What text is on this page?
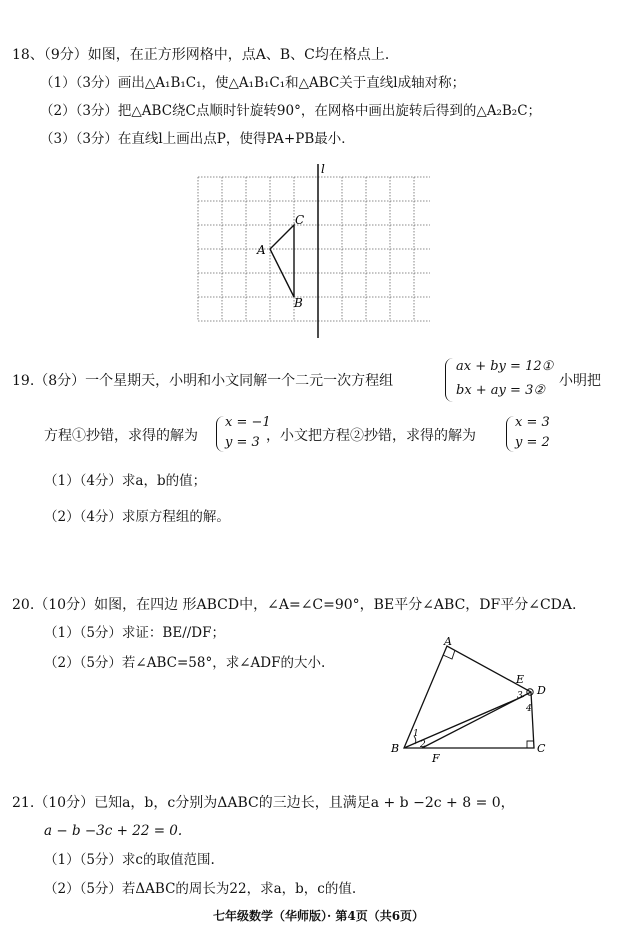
18、（9分）如图，在正方形网格中，点A、B、C均在格点上．
（1）（3分）画出△A₁B₁C₁，使△A₁B₁C₁和△ABC关于直线l成轴对称；
（2）（3分）把△ABC绕C点顺时针旋转90°，在网格中画出旋转后得到的△A₂B₂C；
（3）（3分）在直线l上画出点P，使得PA+PB最小．
l
A
B
C
19.（8分）一个星期天，小明和小文同解一个二元一次方程组
ax + by = 12①
bx + ay = 3②
小明把
方程①抄错，求得的解为
x = −1
y = 3 ，小文把方程②抄错，求得的解为
x = 3
y = 2
（1）（4分）求a，b的值；
（2）（4分）求原方程组的解。
20.（10分）如图，在四边 形ABCD中，∠A=∠C=90°，BE平分∠ABC，DF平分∠CDA.
（1）（5分）求证：BE//DF；
（2）（5分）若∠ABC=58°，求∠ADF的大小.
A
B	C
D
E
F
1
2
3
4
21.（10分）已知a，b，c分别为ΔABC的三边长，且满足a + b −2c + 8 = 0，
a − b −3c + 22 = 0.
（1）（5分）求c的取值范围.
（2）（5分）若ΔABC的周长为22，求a，b，c的值.
七年级数学（华师版）· 第4页（共6页）
